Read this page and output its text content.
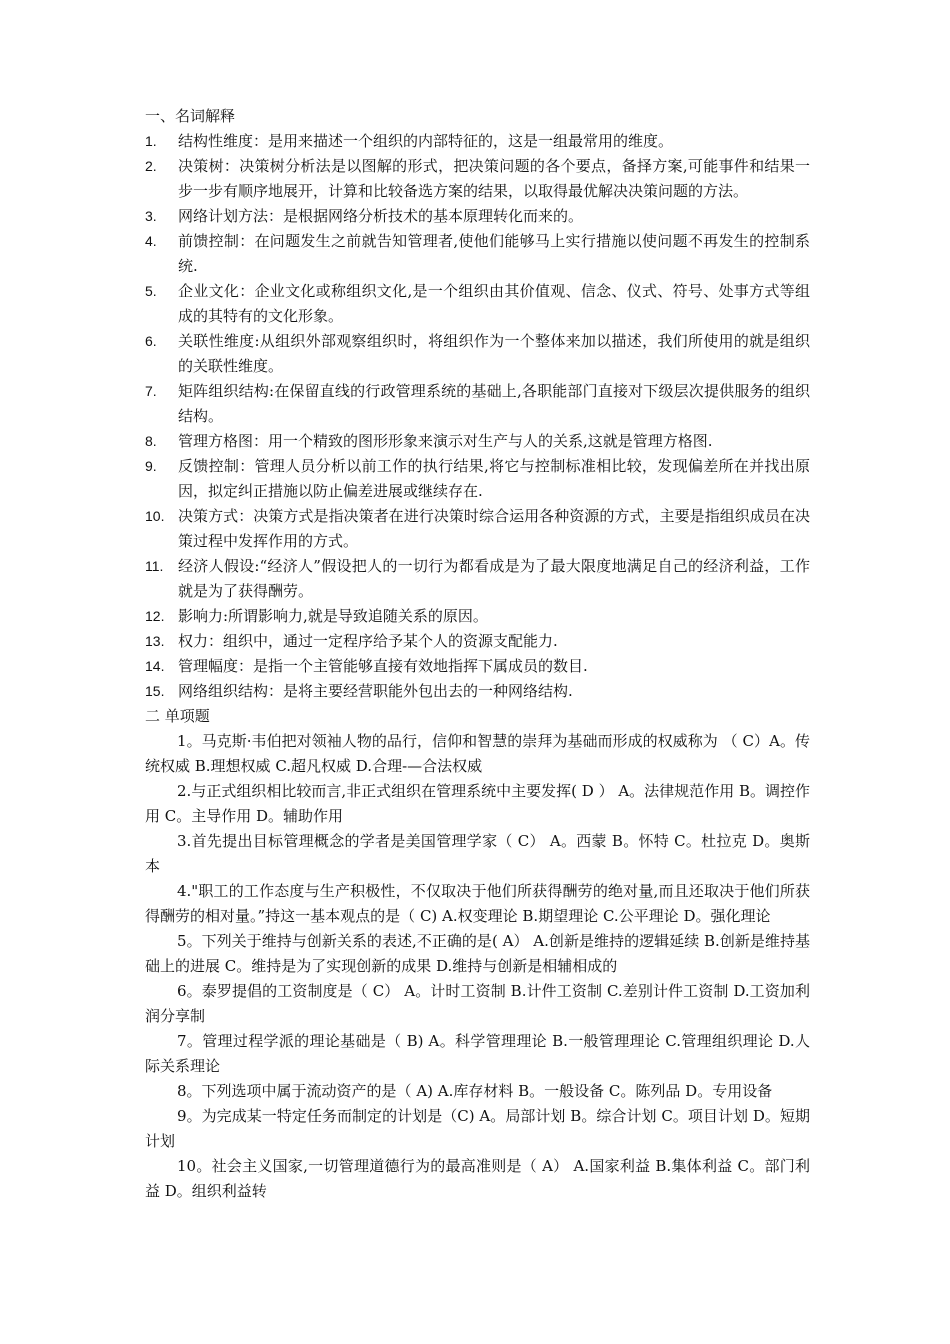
一、名词解释
1.	结构性维度：是用来描述一个组织的内部特征的，这是一组最常用的维度。
2.	决策树：决策树分析法是以图解的形式，把决策问题的各个要点，备择方案,可能事件和结果一步一步有顺序地展开，计算和比较备选方案的结果，以取得最优解决决策问题的方法。
3.	网络计划方法：是根据网络分析技术的基本原理转化而来的。
4.	前馈控制：在问题发生之前就告知管理者,使他们能够马上实行措施以使问题不再发生的控制系统.
5.	企业文化：企业文化或称组织文化,是一个组织由其价值观、信念、仪式、符号、处事方式等组成的其特有的文化形象。
6.	关联性维度:从组织外部观察组织时，将组织作为一个整体来加以描述，我们所使用的就是组织的关联性维度。
7.	矩阵组织结构:在保留直线的行政管理系统的基础上,各职能部门直接对下级层次提供服务的组织结构。
8.	管理方格图：用一个精致的图形形象来演示对生产与人的关系,这就是管理方格图.
9.	反馈控制：管理人员分析以前工作的执行结果,将它与控制标准相比较，发现偏差所在并找出原因，拟定纠正措施以防止偏差进展或继续存在.
10. 决策方式：决策方式是指决策者在进行决策时综合运用各种资源的方式，主要是指组织成员在决策过程中发挥作用的方式。
11. 经济人假设:“经济人”假设把人的一切行为都看成是为了最大限度地满足自己的经济利益，工作就是为了获得酬劳。
12. 影响力:所谓影响力,就是导致追随关系的原因。
13. 权力：组织中，通过一定程序给予某个人的资源支配能力.
14. 管理幅度：是指一个主管能够直接有效地指挥下属成员的数目.
15. 网络组织结构：是将主要经营职能外包出去的一种网络结构.
二 单项题
1。马克斯·韦伯把对领袖人物的品行，信仰和智慧的崇拜为基础而形成的权威称为 （ C）A。传统权威 B.理想权威 C.超凡权威 D.合理-—合法权威
2.与正式组织相比较而言,非正式组织在管理系统中主要发挥( D ） A。法律规范作用 B。调控作用 C。主导作用 D。辅助作用
3.首先提出目标管理概念的学者是美国管理学家（ C） A。西蒙 B。怀特 C。杜拉克 D。奥斯本
4."职工的工作态度与生产积极性，不仅取决于他们所获得酬劳的绝对量,而且还取决于他们所获得酬劳的相对量。”持这一基本观点的是（ C) A.权变理论 B.期望理论 C.公平理论 D。强化理论
5。下列关于维持与创新关系的表述,不正确的是( A） A.创新是维持的逻辑延续 B.创新是维持基础上的进展 C。维持是为了实现创新的成果 D.维持与创新是相辅相成的
6。泰罗提倡的工资制度是（ C） A。计时工资制 B.计件工资制 C.差别计件工资制 D.工资加利润分享制
7。管理过程学派的理论基础是（ B) A。科学管理理论 B.一般管理理论 C.管理组织理论 D.人际关系理论
8。下列选项中属于流动资产的是（ A) A.库存材料 B。一般设备 C。陈列品 D。专用设备
9。为完成某一特定任务而制定的计划是（C) A。局部计划 B。综合计划 C。项目计划 D。短期计划
10。社会主义国家,一切管理道德行为的最高准则是（ A） A.国家利益 B.集体利益 C。部门利益 D。组织利益转
